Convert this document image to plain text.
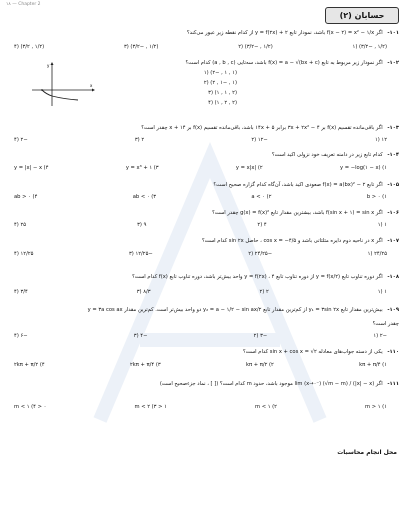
۱۸ — Chapter 2
حسابان (۲)
۱۰۱- اگر f(x − ۲) = x² − ۱/x باشد، نمودار تابع y = f(۲x) + ۲ از کدام نقطه زیر عبور می‌کند؟
(۱/۲ , −۳/۲) (۱
(۱/۲ , −۳/۲) (۲
(۱/۲ , −۳/۲) (۳
(۱/۲ , ۳/۲) (۴
۱۰۲- اگر نمودار زیر مربوط به تابع f(x) = a − √(bx + c) باشد، سه‌تایی (a , b , c) کدام است؟
(۱ , ۱ , −۲) (۱
(۱ , −۱ , ۲) (۲
(۲ , ۱ , ۱) (۳
(۲ , ۲ , ۱) (۴
x
y
۱۰۳- اگر باقی‌مانده تقسیم f(x) بر ۴ − ۳x + ۲x² برابر ۵ + ۱۴x باشد، باقی‌مانده تقسیم f(x) بر ۱۴ + x چقدر است؟
۱۲ (۱
−۱۲ (۲
۲ (۳
−۲ (۴
۱۰۴- کدام تابع زیر در دامنه تعریف خود نزولی اکید است؟
y = −log(۱ − x) (۱
y = x|x| (۲
y = x³ + ۱ (۳
y = |x| − x (۴
۱۰۵- اگر تابع f(x) = a(bx)² − ۲ صعودی اکید باشد، آن‌گاه کدام گزاره صحیح است؟
b > ۰ (۱
a < ۰ (۲
ab < ۰ (۳
ab > ۰ (۴
۱۰۶- اگر f(sin x + ۱) = sin x باشد، بیشترین مقدار تابع g(x) = f(x)² چقدر است؟
۱ (۱
۴ (۲
۹ (۳
۲۵ (۴
۱۰۷- اگر x در ناحیه دوم دایره مثلثاتی باشد و cos x = −۴/۵ ، حاصل sin ۲x کدام است؟
۲۴/۲۵ (۱
−۲۴/۲۵ (۲
−۱۲/۲۵ (۳
۱۲/۲۵ (۴
۱۰۸- اگر دوره تناوب تابع y = f(x/۲) از دوره تناوب تابع y = f(۲x) ، ۴ واحد بیش‌تر باشد، دوره تناوب تابع f(x) کدام است؟
۱ (۱
۲ (۲
۸/۳ (۳
۳/۴ (۴
۱۰۹- بیش‌ترین مقدار تابع y₁ = ۳sin ۲x از کم‌ترین مقدار تابع y₂ = a − ۱/۲ − sin ax/۲ دو واحد بیش‌تر است. کم‌ترین مقدار y = ۳a cos ax
چقدر است؟
−۲ (۱
−۳ (۲
−۴ (۳
−۶ (۴
۱۱۰- یکی از دسته جواب‌های معادله sin x + cos x = √۲ کدام است؟
kπ + π/۴ (۱
kπ + π/۲ (۲
۲kπ + π/۴ (۳
۲kπ + π/۲ (۴
۱۱۱- اگر lim (x→۰⁻) (√m − m) / (|x| − x) موجود باشد، حدود m کدام است؟ ([ ] ، نماد جزء‌صحیح است)
m > ۱ (۱
m < ۱ (۲
۱ < m < ۲ (۳
۰ < m < ۱ (۴
محل انجام محاسبات
